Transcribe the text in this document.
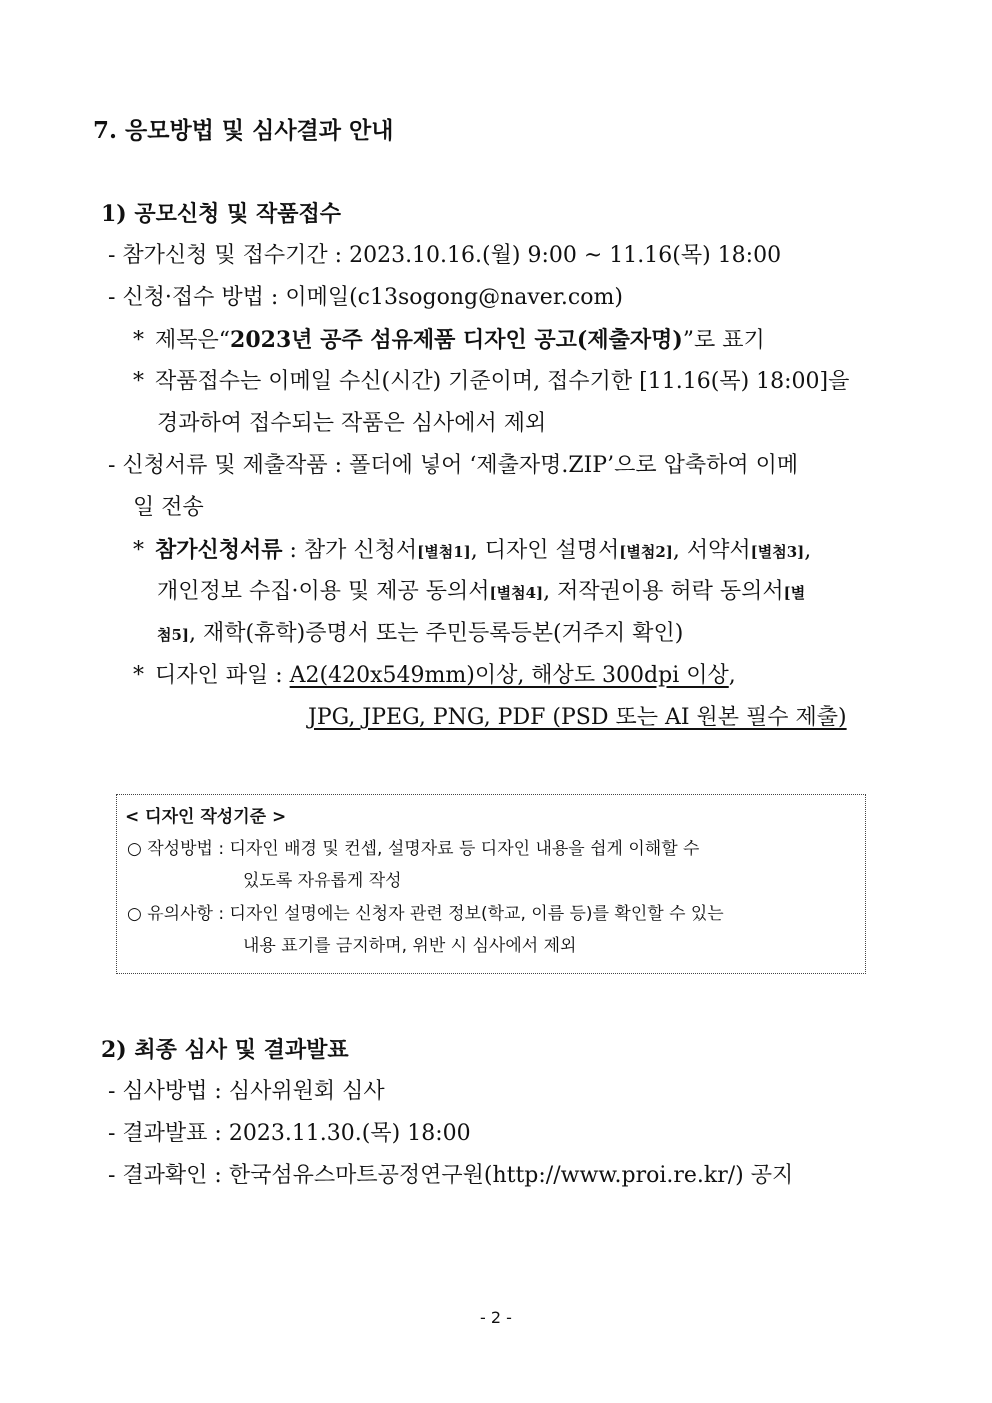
7. 응모방법 및 심사결과 안내
1) 공모신청 및 작품접수
- 참가신청 및 접수기간 : 2023.10.16.(월) 9:00 ~ 11.16(목) 18:00
- 신청·접수 방법 : 이메일(c13sogong@naver.com)
* 제목은“2023년 공주 섬유제품 디자인 공고(제출자명)”로 표기
* 작품접수는 이메일 수신(시간) 기준이며, 접수기한 [11.16(목) 18:00]을
경과하여 접수되는 작품은 심사에서 제외
- 신청서류 및 제출작품 : 폴더에 넣어 ‘제출자명.ZIP’으로 압축하여 이메
일 전송
* 참가신청서류 : 참가 신청서[별첨1], 디자인 설명서[별첨2], 서약서[별첨3],
개인정보 수집·이용 및 제공 동의서[별첨4], 저작권이용 허락 동의서[별
첨5], 재학(휴학)증명서 또는 주민등록등본(거주지 확인)
* 디자인 파일 : A2(420x549mm)이상, 해상도 300dpi 이상,
JPG, JPEG, PNG, PDF (PSD 또는 AI 원본 필수 제출)
< 디자인 작성기준 >
○ 작성방법 : 디자인 배경 및 컨셉, 설명자료 등 디자인 내용을 쉽게 이해할 수
있도록 자유롭게 작성
○ 유의사항 : 디자인 설명에는 신청자 관련 정보(학교, 이름 등)를 확인할 수 있는
내용 표기를 금지하며, 위반 시 심사에서 제외
2) 최종 심사 및 결과발표
- 심사방법 : 심사위원회 심사
- 결과발표 : 2023.11.30.(목) 18:00
- 결과확인 : 한국섬유스마트공정연구원(http://www.proi.re.kr/) 공지
- 2 -
